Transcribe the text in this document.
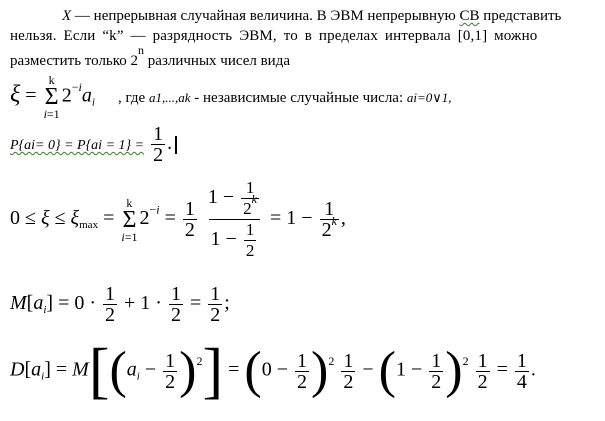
X — непрерывная случайная величина. В ЭВМ непрерывную СВ представить
нельзя. Если “k” — разрядность ЭВМ, то в пределах интервала [0,1] можно
разместить только 2$^n$ различных чисел вида
ξ =
k
Σ
i=1
$2^{-i}a_i$ , где a1,...,ak - независимые случайные числа: ai=0∨1,
$P\{ai= 0\} = P\{ai = 1\} = \frac{1}{2}$ .
$0 \le \xi \le \xi_{max}$ =
k
Σ
i=1
$2^{-i} = \frac{1}{2}$
$\frac{1 - \frac{1}{2^k}}{1 - \frac{1}{2}} = 1 - \frac{1}{2^k}$ ,
$M[a_i] = 0 \cdot \frac{1}{2} + 1 \cdot \frac{1}{2} = \frac{1}{2}$ ;
$D[a_i] = M[(a_i - \frac{1}{2} )^2] = (0 - \frac{1}{2} )^2 \frac{1}{2} - (1 - \frac{1}{2} )^2 \frac{1}{2} = \frac{1}{4}$ .
